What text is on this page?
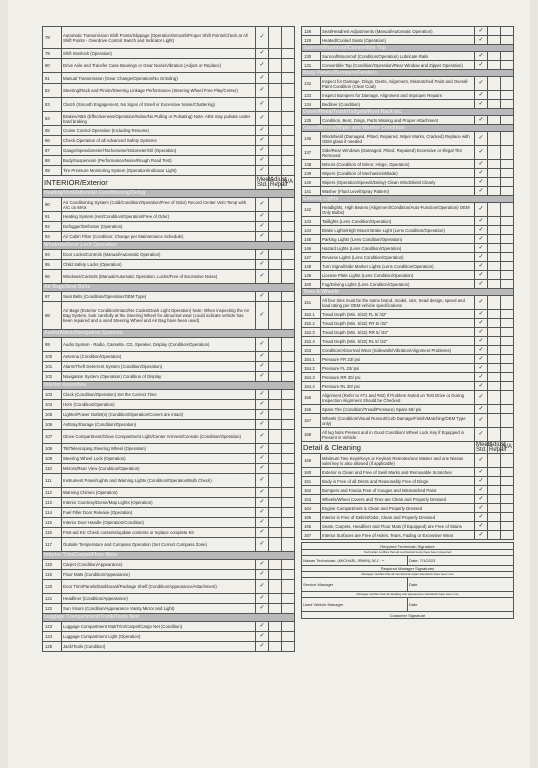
78	Automatic Transmission Shift Points/Slippage (Operation/Smooth/Proper Shift Points/Check at All Shift Points - Overdrive Control Switch and Indicator Light)	✓		
79	Shift Interlock (Operation)	✓		
80	Drive Axle and Transfer Case Bearings or Gear Noise/Vibration (Adjust or Replace)	✓		
81	Manual Transmission (Gear Change/Operation/No Grinding)	✓		
82	Steering/Rack and Pinion/Steering Linkage Performance (Steering Wheel Free Play/Center)	✓		
83	Clutch (Smooth Engagement, No Signs of Smell or Excessive Noise/Chattering)	✓		
84	Brakes/ABS (Effectiveness/Operation/Noise/No Pulling or Pulsating) Note: ABS may pulsate under hard braking	✓		
85	Cruise Control Operation (Including Resume)	✓		
86	Check Operation of all Advanced Safety Systems	✓		
87	Gauge/Speedometer/Tachometer/Odometer/Oil (Operation)	✓		
88	Body/Suspension (Performance/Noise/Rough Road Test)	✓		
89	Tire Pressure Monitoring System (Operation/Indicator Light)	✓		
INTERIOR/Exterior		Meets Std.	Adjust Repair	N/A
Heating/Ventilation/Air-Conditioning/Defog				
90	Air Conditioning System (Cold/Condition/Operation/Free of Odor) Record Center Vent Temp with A/C on MAX	✓		
91	Heating System (Hot/Condition/Operation/Free of Odor)	✓		
92	Defogger/Defroster (Operation)	✓		
93	Air Cabin Filter (Condition: Change per Maintenance Schedule)	✓		
Windows/Door Lock Operation				
94	Door Locks/Controls (Manual/Automatic Operation)	✓		
95	Child Safety Locks (Operation)	✓		
96	Windows/Controls (Manual/Automatic Operation, Locks/Free of Excessive Noise)	✓		
Air Bags/Seat Belts				
97	Seat Belts (Condition/Operation/OEM Type)	✓		
98	Air Bags (Exterior Condition/Intact/No Codes/Dash Light Operation) Note: When inspecting the Air Bag System, look carefully at the Steering Wheel for abnormal wear (could indicate vehicle has been repaired and a used Steering Wheel and Air Bag have been used)	✓		
Audio/Alarm/Navigation Systems				
99	Audio System - Radio, Cassette, CD, Speaker, Display (Condition/Operation)	✓		
100	Antenna (Condition/Operation)	✓		
101	Alarm/Theft Deterrent System (Condition/Operation)	✓		
102	Navigation System (Operation) Condition of Display	✓		
Interior Amenities				
103	Clock (Condition/Operation) Set the Correct Time	✓		
104	Horn (Condition/Operation)	✓		
105	Lighter/Power Outlet(s) (Condition/Operation/Covers are intact)	✓		
106	Ashtray/Storage (Condition/Operation)	✓		
107	Glove Compartment/Glove Compartment Light/Center Armrest/Console (Condition/Operation)	✓		
108	Tilt/Telescoping Steering Wheel (Operation)	✓		
109	Steering Wheel Lock (Operation)	✓		
110	Mirrors/Rear View (Condition/Operation)	✓		
111	Instrument Panel/Lights and Warning Lights (Condition/Operation/Bulb Check)	✓		
112	Warning Chimes (Operation)	✓		
113	Interior Courtesy/Dome/Map Lights (Operation)	✓		
114	Fuel Filler Door Release (Operation)	✓		
115	Interior Door Handle (Operation/Condition)	✓		
116	First-aid Kit: Check contents/update contents or replace complete Kit	✓		
117	Outside Temperature and Compass Operation (Set Correct Compass Zone)	✓		
Interior Trim/Carpet/Floor Mats				
118	Carpet (Condition/Appearance)	✓		
119	Floor Mats (Condition/Appearance)	✓		
120	Door Trim/Panels/Dashboard/Package Shelf (Condition/Appearance/Attachment)	✓		
121	Headliner (Condition/Appearance)	✓		
122	Sun Visors (Condition/Appearance Vanity Mirror and Light)	✓		
Luggage Compartment/Trunk/Tools Bed				
123	Luggage Compartment Mat/Trim/Carpet/Cargo Net (Condition)	✓		
124	Luggage Compartment Light (Operation)	✓		
125	Jack/Tools (Condition)	✓		
126	Seat/Headrest Adjustments (Manual/Automatic Operation)	✓		
129	Heated/Cooled Seats (Operation)	✓		
Sunroof/Moonroof/Convertible Top				
130	Sunroof/Moonroof (Condition/Operation) Lubricate Rails	✓		
131	Convertible Top (Condition/Operation/Rear Window and Zipper Operation)	✓		
Body Panels/Bumpers/Fenders				
132	Inspect for Damage, Dings, Dents, Alignment, Mismatched Paint and Overall Paint Condition (Clear Coat)	✓		
133	Inspect Bumpers for Damage, Alignment and Improper Repairs	✓		
134	Bedliner (Condition)	✓		
Doors/Hood/Trunk/Tailgate/Roof Rack etc.				
135	Condition, Bent, Dings, Parts Missing and Proper Attachment	✓		
Glass/Mirrors/Wiper and Washer Condition				
136	Windshield (Damaged, Pitted, Repaired, Wiper Marks, Cracked) Replace with OEM glass if needed	✓		
137	Side/Rear Windows (Damaged, Pitted, Repaired) Excessive or Illegal Tint Removed	✓		
138	Mirrors (Condition of Mirror, Hinge, Operation)	✓		
139	Wipers (Condition of Mechanism/Blade)	✓		
140	Wipers (Operation/Speeds/Delay) Clean Windshield Clearly	✓		
141	Washer (Fluid Level/Spray Pattern)	✓		
Exterior Lights				
142	Headlights, High Beams (Alignment/Condition/Auto-Function/Operation) OEM Only Bulbs)	✓		
143	Taillights (Lens Condition/Operation)	✓		
144	Brake Lights/High Mount Brake Light (Lens Condition/Operation)	✓		
145	Parking Lights (Lens Condition/Operation)	✓		
146	Hazard Lights (Lens Condition/Operation)	✓		
147	Reverse Lights (Lens Condition/Operation)	✓		
148	Turn Signal/Side Marker Lights (Lens Condition/Operation)	✓		
149	License Plate Lights (Lens Condition/Operation)	✓		
150	Fog/Driving Lights (Lens Condition/Operation)	✓		
Tires & Wheels				
151	All four tires must be the same brand, model, size, tread design, speed and load rating per OEM vehicle specifications	✓		
152.1	Tread Depth (Min. 5/32) FL 5/ /32"	✓		
152.2	Tread Depth (Min. 5/32) FR 5/ /32"	✓		
152.3	Tread Depth (Min. 5/32) RR 5/ /32"	✓		
152.4	Tread Depth (Min. 5/32) RL 5/ /32"	✓		
153	Condition/Abnormal Wear (Sidewalls/Vibration/Alignment Problems)	✓		
154.1	Pressure FR 33/ psi	✓		
154.2	Pressure FL 33/ psi	✓		
154.3	Pressure RR 30/ psi	✓		
154.4	Pressure RL 30/ psi	✓		
155	Alignment (Refer to #71 and #82) If Problem Noted on Test Drive or During Inspection Alignment Should be Checked	✓		
156	Spare Tire (Condition/Tread/Pressure) Spare 60/ psi	✓		
157	Wheels (Condition/Visual Runout/Curb Damage/Finish/Matching/OEM Type only)	✓		
158	All lug Nuts Present and in Good Condition/ Wheel Lock Key if Equipped is Present in Vehicle	✓		
Detail & Cleaning		Meets Std.	Adjust Repair	N/A
159	Minimum Two Keys/Keys or Keyless Remotes/one Master and one Nissan valet key is also allowed (if applicable)	✓		
160	Exterior is Clean and Free of Swirl Marks and Removable Scratches	✓		
161	Body is Free of all Dents and Reasonably Free of Dings	✓		
162	Bumpers and Fascia Free of Gouges and Mismatched Paint	✓		
163	Wheels/Wheel Covers and Tires are Clean and Properly Dressed	✓		
164	Engine Compartment is Clean and Properly Dressed	✓		
165	Interior is Free of Debris/Odor, Clean and Properly Dressed	✓		
166	Seats, Carpets, Headliner and Floor Mats (if Equipped) are Free of Stains	✓		
167	Interior Surfaces are Free of Holes, Tears, Fading or Excessive Wear	✓		
Required Technician Signature	
Technician certifies that all mechanical items have been inspected	
Nissan Technician: (MICHAEL IRWIN) M.I. ~	Date: 7/1/2023
Required Manager Signatures	
Manager certifies that all mechanical repair standards have been met	
Service Manager	Date
Manager certifies that all detailing and appearance standards have been met	
Used Vehicle Manager	Date
Customer Signature	
